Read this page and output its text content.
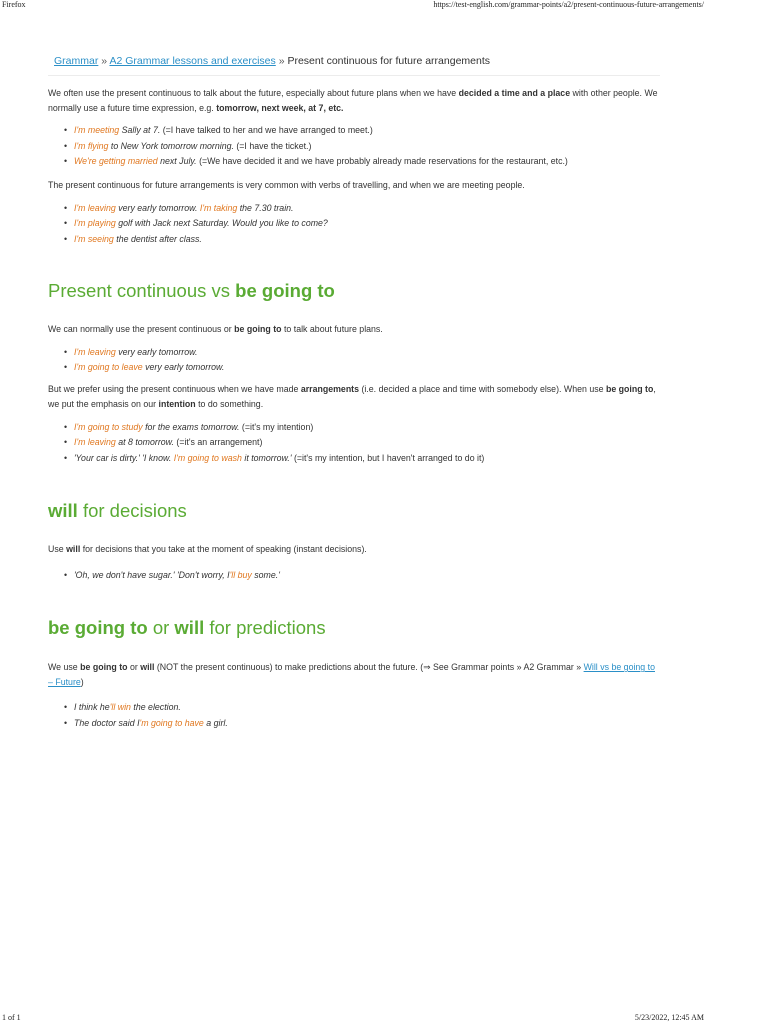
Firefox	https://test-english.com/grammar-points/a2/present-continuous-future-arrangements/
Grammar » A2 Grammar lessons and exercises » Present continuous for future arrangements

We often use the present continuous to talk about the future, especially about future plans when we have decided a time and a place with other people. We normally use a future time expression, e.g. tomorrow, next week, at 7, etc.

• I'm meeting Sally at 7. (=I have talked to her and we have arranged to meet.)
• I'm flying to New York tomorrow morning. (=I have the ticket.)
• We're getting married next July. (=We have decided it and we have probably already made reservations for the restaurant, etc.)

The present continuous for future arrangements is very common with verbs of travelling, and when we are meeting people.

• I'm leaving very early tomorrow. I'm taking the 7.30 train.
• I'm playing golf with Jack next Saturday. Would you like to come?
• I'm seeing the dentist after class.
Present continuous vs be going to

We can normally use the present continuous or be going to to talk about future plans.

• I'm leaving very early tomorrow.
• I'm going to leave very early tomorrow.

But we prefer using the present continuous when we have made arrangements (i.e. decided a place and time with somebody else). When use be going to, we put the emphasis on our intention to do something.

• I'm going to study for the exams tomorrow. (=it's my intention)
• I'm leaving at 8 tomorrow. (=it's an arrangement)
• 'Your car is dirty.' 'I know. I'm going to wash it tomorrow.' (=it's my intention, but I haven't arranged to do it)
will for decisions

Use will for decisions that you take at the moment of speaking (instant decisions).

• 'Oh, we don't have sugar.' 'Don't worry, I'll buy some.'
be going to or will for predictions

We use be going to or will (NOT the present continuous) to make predictions about the future. (⇒ See Grammar points » A2 Grammar » Will vs be going to – Future)

• I think he'll win the election.
• The doctor said I'm going to have a girl.
1 of 1	5/23/2022, 12:45 AM
